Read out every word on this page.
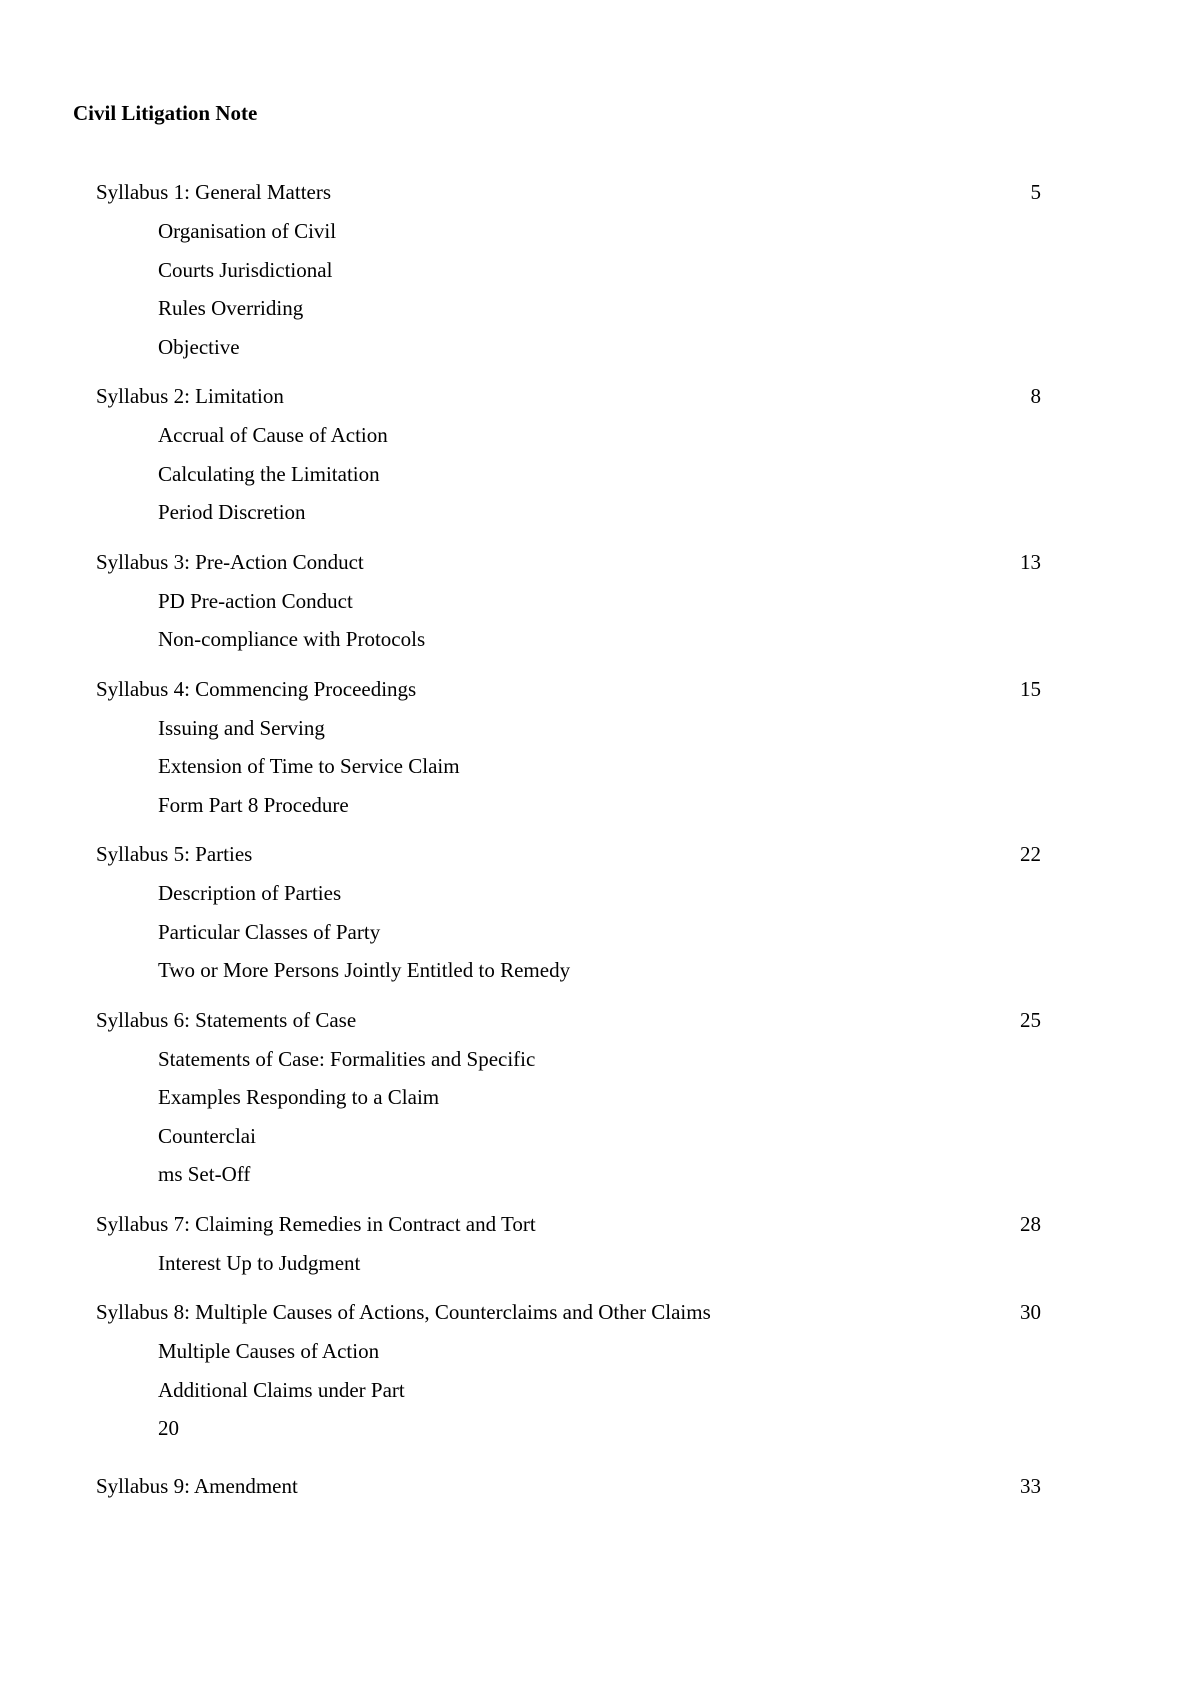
Civil Litigation Note
Syllabus 1: General Matters	5
Organisation of Civil
Courts Jurisdictional
Rules Overriding
Objective
Syllabus 2: Limitation	8
Accrual of Cause of Action
Calculating the Limitation
Period Discretion
Syllabus 3: Pre-Action Conduct	13
PD Pre-action Conduct
Non-compliance with Protocols
Syllabus 4: Commencing Proceedings	15
Issuing and Serving
Extension of Time to Service Claim
Form Part 8 Procedure
Syllabus 5: Parties	22
Description of Parties
Particular Classes of Party
Two or More Persons Jointly Entitled to Remedy
Syllabus 6: Statements of Case	25
Statements of Case: Formalities and Specific
Examples Responding to a Claim
Counterclai
ms Set-Off
Syllabus 7: Claiming Remedies in Contract and Tort	28
Interest Up to Judgment
Syllabus 8: Multiple Causes of Actions, Counterclaims and Other Claims	30
Multiple Causes of Action
Additional Claims under Part
20
Syllabus 9: Amendment	33
